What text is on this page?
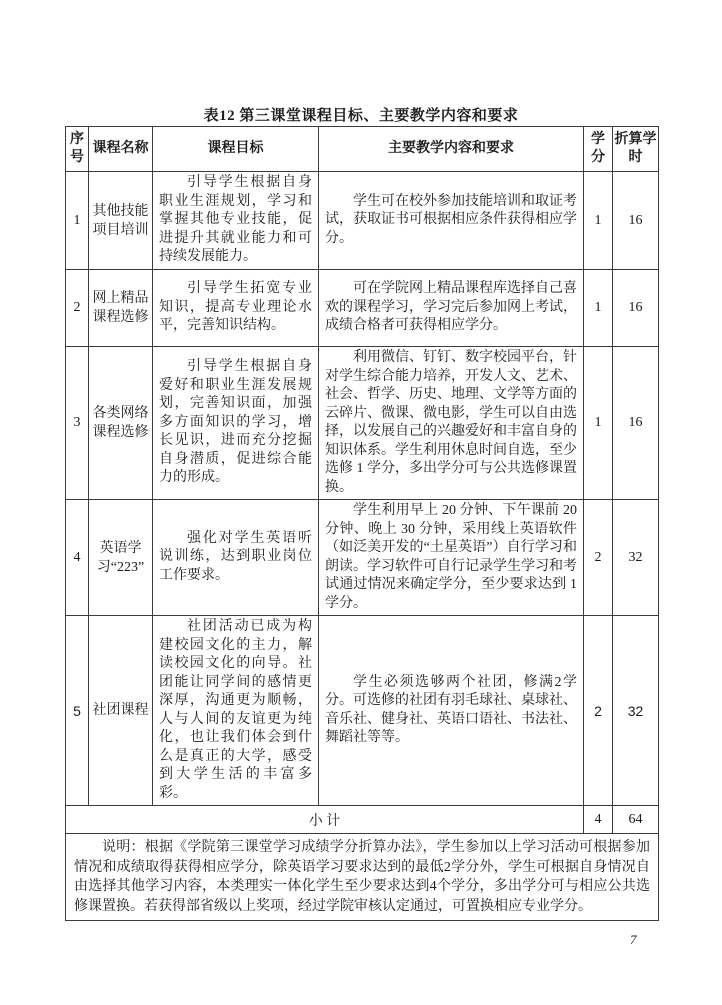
表12 第三课堂课程目标、主要教学内容和要求
序号	课程名称	课程目标	主要教学内容和要求	学分	折算学时
1	其他技能项目培训	引导学生根据自身职业生涯规划，学习和掌握其他专业技能，促进提升其就业能力和可持续发展能力。	学生可在校外参加技能培训和取证考试，获取证书可根据相应条件获得相应学分。	1	16
2	网上精品课程选修	引导学生拓宽专业知识，提高专业理论水平，完善知识结构。	可在学院网上精品课程库选择自己喜欢的课程学习，学习完后参加网上考试，成绩合格者可获得相应学分。	1	16
3	各类网络课程选修	引导学生根据自身爱好和职业生涯发展规划，完善知识面，加强多方面知识的学习，增长见识，进而充分挖掘自身潜质，促进综合能力的形成。	利用微信、钉钉、数字校园平台，针对学生综合能力培养，开发人文、艺术、社会、哲学、历史、地理、文学等方面的云碎片、微课、微电影，学生可以自由选择，以发展自己的兴趣爱好和丰富自身的知识体系。学生利用休息时间自选，至少选修 1 学分，多出学分可与公共选修课置换。	1	16
4	英语学习“223”	强化对学生英语听说训练，达到职业岗位工作要求。	学生利用早上 20 分钟、下午课前 20 分钟、晚上 30 分钟，采用线上英语软件（如泛美开发的“土星英语”）自行学习和朗读。学习软件可自行记录学生学习和考试通过情况来确定学分，至少要求达到 1 学分。	2	32
5	社团课程	社团活动已成为构建校园文化的主力，解读校园文化的向导。社团能让同学间的感情更深厚，沟通更为顺畅，人与人间的友谊更为纯化，也让我们体会到什么是真正的大学，感受到大学生活的丰富多彩。	学生必须选够两个社团，修满2学分。可选修的社团有羽毛球社、桌球社、音乐社、健身社、英语口语社、书法社、舞蹈社等等。	2	32
小 计				4	64
说明：根据《学院第三课堂学习成绩学分折算办法》，学生参加以上学习活动可根据参加情况和成绩取得获得相应学分，除英语学习要求达到的最低2学分外，学生可根据自身情况自由选择其他学习内容，本类理实一体化学生至少要求达到4个学分，多出学分可与相应公共选修课置换。若获得部省级以上奖项，经过学院审核认定通过，可置换相应专业学分。					
7
